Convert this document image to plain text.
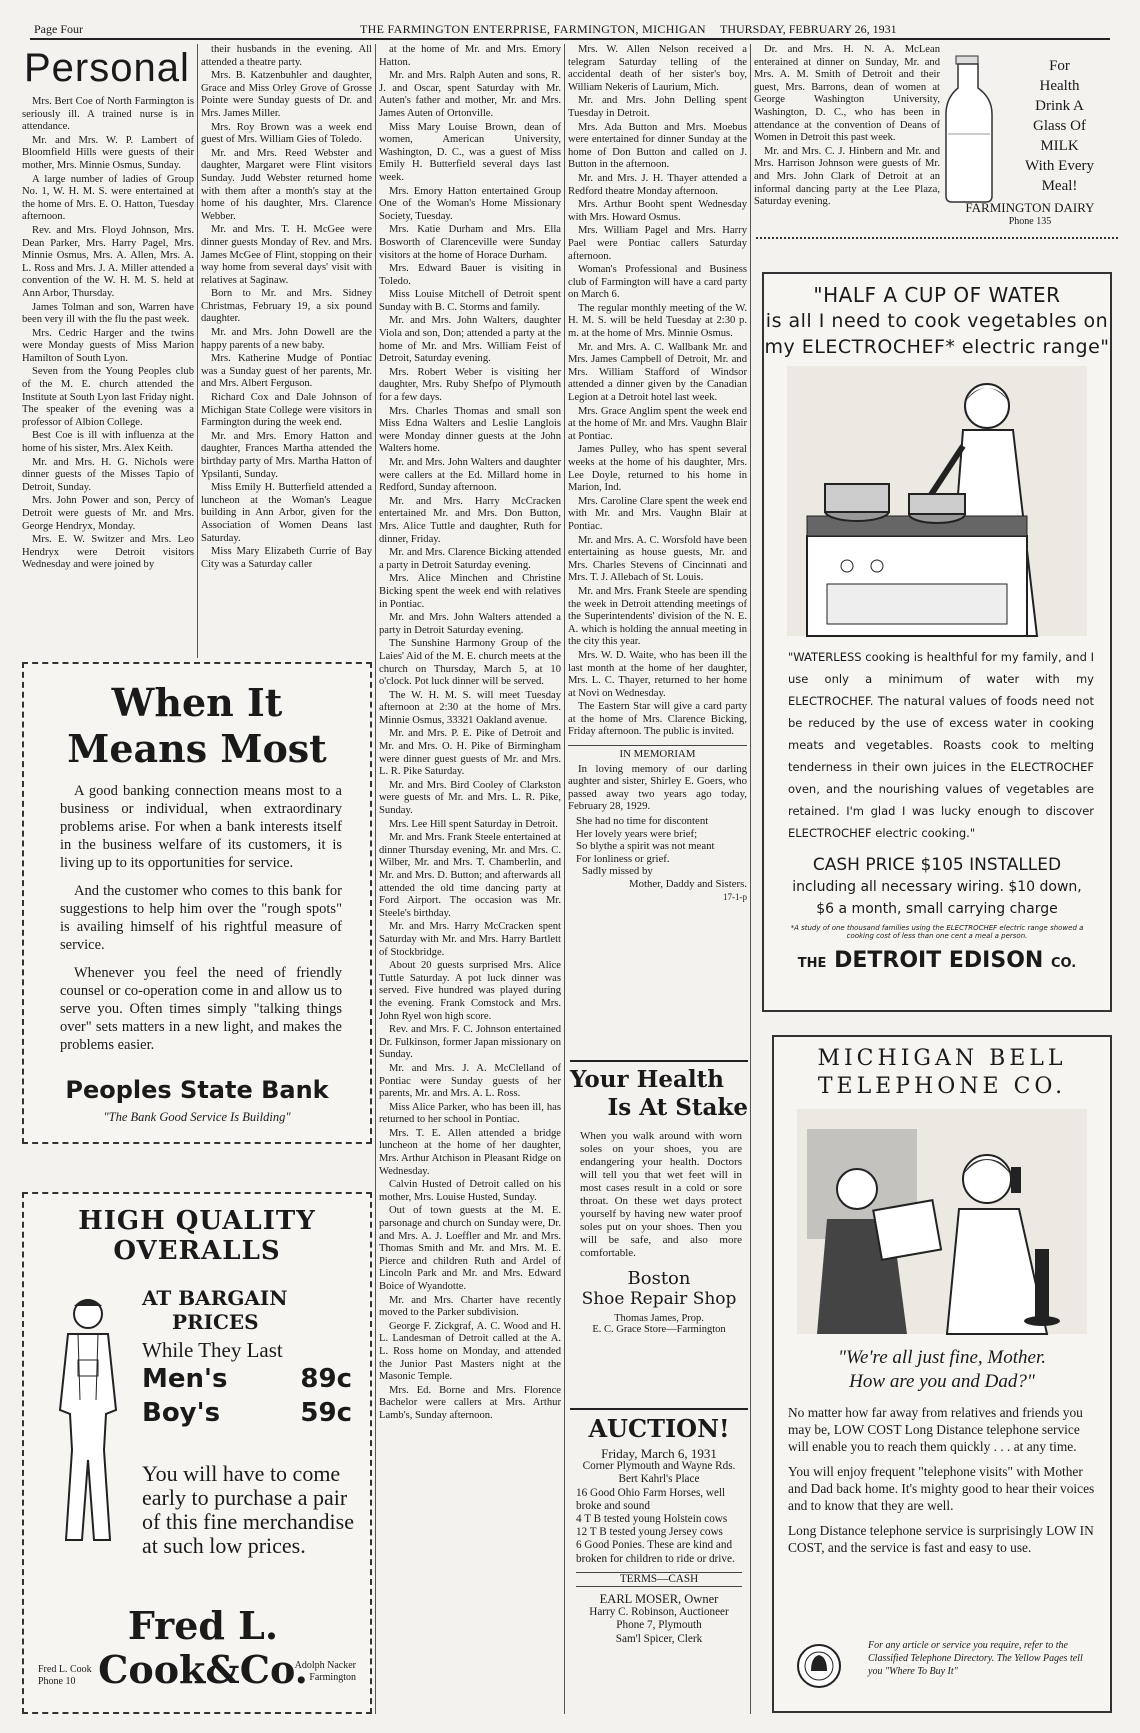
Page Four	THE FARMINGTON ENTERPRISE, FARMINGTON, MICHIGAN THURSDAY, FEBRUARY 26, 1931
Personal

Mrs. Bert Coe of North Farmington is seriously ill. A trained nurse is in attendance.

Mr. and Mrs. W. P. Lambert of Bloomfield Hills were guests of their mother, Mrs. Minnie Osmus, Sunday.

A large number of ladies of Group No. 1, W. H. M. S. were entertained at the home of Mrs. E. O. Hatton, Tuesday afternoon.

Rev. and Mrs. Floyd Johnson, Mrs. Dean Parker, Mrs. Harry Pagel, Mrs. Minnie Osmus, Mrs. A. Allen, Mrs. A. L. Ross and Mrs. J. A. Miller attended a convention of the W. H. M. S. held at Ann Arbor, Thursday.

James Tolman and son, Warren have been very ill with the flu the past week.

Mrs. Cedric Harger and the twins were Monday guests of Miss Marion Hamilton of South Lyon.

Seven from the Young Peoples club of the M. E. church attended the Institute at South Lyon last Friday night. The speaker of the evening was a professor of Albion College.

Best Coe is ill with influenza at the home of his sister, Mrs. Alex Keith.

Mr. and Mrs. H. G. Nichols were dinner guests of the Misses Tapio of Detroit, Sunday.

Mrs. John Power and son, Percy of Detroit were guests of Mr. and Mrs. George Hendryx, Monday.

Mrs. E. W. Switzer and Mrs. Leo Hendryx were Detroit visitors Wednesday and were joined by

their husbands in the evening. All attended a theatre party.

Mrs. B. Katzenbuhler and daughter, Grace and Miss Orley Grove of Grosse Pointe were Sunday guests of Dr. and Mrs. James Miller.

Mrs. Roy Brown was a week end guest of Mrs. William Gies of Toledo.

Mr. and Mrs. Reed Webster and daughter, Margaret were Flint visitors Sunday. Judd Webster returned home with them after a month's stay at the home of his daughter, Mrs. Clarence Webber.

Mr. and Mrs. T. H. McGee were dinner guests Monday of Rev. and Mrs. James McGee of Flint, stopping on their way home from several days' visit with relatives at Saginaw.

Born to Mr. and Mrs. Sidney Christmas, February 19, a six pound daughter.

Mr. and Mrs. John Dowell are the happy parents of a new baby.

Mrs. Katherine Mudge of Pontiac was a Sunday guest of her parents, Mr. and Mrs. Albert Ferguson.

Richard Cox and Dale Johnson of Michigan State College were visitors in Farmington during the week end.

Mr. and Mrs. Emory Hatton and daughter, Frances Martha attended the birthday party of Mrs. Martha Hatton of Ypsilanti, Sunday.

Miss Emily H. Butterfield attended a luncheon at the Woman's League building in Ann Arbor, given for the Association of Women Deans last Saturday.

Miss Mary Elizabeth Currie of Bay City was a Saturday caller

at the home of Mr. and Mrs. Emory Hatton.

Mr. and Mrs. Ralph Auten and sons, R. J. and Oscar, spent Saturday with Mr. Auten's father and mother, Mr. and Mrs. James Auten of Ortonville.

Miss Mary Louise Brown, dean of women, American University, Washington, D. C., was a guest of Miss Emily H. Butterfield several days last week.

Mrs. Emory Hatton entertained Group One of the Woman's Home Missionary Society, Tuesday.

Mrs. Katie Durham and Mrs. Ella Bosworth of Clarenceville were Sunday visitors at the home of Horace Durham.

Mrs. Edward Bauer is visiting in Toledo.

Miss Louise Mitchell of Detroit spent Sunday with B. C. Storms and family.

Mr. and Mrs. John Walters, daughter Viola and son, Don; attended a party at the home of Mr. and Mrs. William Feist of Detroit, Saturday evening.

Mrs. Robert Weber is visiting her daughter, Mrs. Ruby Shefpo of Plymouth for a few days.

Mrs. Charles Thomas and small son Miss Edna Walters and Leslie Langlois were Monday dinner guests at the John Walters home.

Mr. and Mrs. John Walters and daughter were callers at the Ed. Millard home in Redford, Sunday afternoon.

Mr. and Mrs. Harry McCracken entertained Mr. and Mrs. Don Button, Mrs. Alice Tuttle and daughter, Ruth for dinner, Friday.

Mr. and Mrs. Clarence Bicking attended a party in Detroit Saturday evening.

Mrs. Alice Minchen and Christine Bicking spent the week end with relatives in Pontiac.

Mr. and Mrs. John Walters attended a party in Detroit Saturday evening.

The Sunshine Harmony Group of the Laies' Aid of the M. E. church meets at the church on Thursday, March 5, at 10 o'clock. Pot luck dinner will be served.

The W. H. M. S. will meet Tuesday afternoon at 2:30 at the home of Mrs. Minnie Osmus, 33321 Oakland avenue.

Mr. and Mrs. P. E. Pike of Detroit and Mr. and Mrs. O. H. Pike of Birmingham were dinner guest guests of Mr. and Mrs. L. R. Pike Saturday.

Mr. and Mrs. Bird Cooley of Clarkston were guests of Mr. and Mrs. L. R. Pike, Sunday.

Mrs. Lee Hill spent Saturday in Detroit.

Mr. and Mrs. Frank Steele entertained at dinner Thursday evening, Mr. and Mrs. C. Wilber, Mr. and Mrs. T. Chamberlin, and Mr. and Mrs. D. Button; and afterwards all attended the old time dancing party at Ford Airport. The occasion was Mr. Steele's birthday.

Mr. and Mrs. Harry McCracken spent Saturday with Mr. and Mrs. Harry Bartlett of Stockbridge.

About 20 guests surprised Mrs. Alice Tuttle Saturday. A pot luck dinner was served. Five hundred was played during the evening. Frank Comstock and Mrs. John Ryel won high score.

Rev. and Mrs. F. C. Johnson entertained Dr. Fulkinson, former Japan missionary on Sunday.

Mr. and Mrs. J. A. McClelland of Pontiac were Sunday guests of her parents, Mr. and Mrs. A. L. Ross.

Miss Alice Parker, who has been ill, has returned to her school in Pontiac.

Mrs. T. E. Allen attended a bridge luncheon at the home of her daughter, Mrs. Arthur Atchison in Pleasant Ridge on Wednesday.

Calvin Husted of Detroit called on his mother, Mrs. Louise Husted, Sunday.

Out of town guests at the M. E. parsonage and church on Sunday were, Dr. and Mrs. A. J. Loeffler and Mr. and Mrs. Thomas Smith and Mr. and Mrs. M. E. Pierce and children Ruth and Ardel of Lincoln Park and Mr. and Mrs. Edward Boice of Wyandotte.

Mr. and Mrs. Charter have recently moved to the Parker subdivision.

George F. Zickgraf, A. C. Wood and H. L. Landesman of Detroit called at the A. L. Ross home on Monday, and attended the Junior Past Masters night at the Masonic Temple.

Mrs. Ed. Borne and Mrs. Florence Bachelor were callers at Mrs. Arthur Lamb's, Sunday afternoon.

Mrs. W. Allen Nelson received a telegram Saturday telling of the accidental death of her sister's boy, William Nekeris of Laurium, Mich.

Mr. and Mrs. John Delling spent Tuesday in Detroit.

Mrs. Ada Button and Mrs. Moebus were entertained for dinner Sunday at the home of Don Button and called on J. Button in the afternoon.

Mr. and Mrs. J. H. Thayer attended a Redford theatre Monday afternoon.

Mrs. Arthur Booht spent Wednesday with Mrs. Howard Osmus.

Mrs. William Pagel and Mrs. Harry Pael were Pontiac callers Saturday afternoon.

Woman's Professional and Business club of Farmington will have a card party on March 6.

The regular monthly meeting of the W. H. M. S. will be held Tuesday at 2:30 p. m. at the home of Mrs. Minnie Osmus.

Mr. and Mrs. A. C. Wallbank Mr. and Mrs. James Campbell of Detroit, Mr. and Mrs. William Stafford of Windsor attended a dinner given by the Canadian Legion at a Detroit hotel last week.

Mrs. Grace Anglim spent the week end at the home of Mr. and Mrs. Vaughn Blair at Pontiac.

James Pulley, who has spent several weeks at the home of his daughter, Mrs. Lee Doyle, returned to his home in Marion, Ind.

Mrs. Caroline Clare spent the week end with Mr. and Mrs. Vaughn Blair at Pontiac.

Mr. and Mrs. A. C. Worsfold have been entertaining as house guests, Mr. and Mrs. Charles Stevens of Cincinnati and Mrs. T. J. Allebach of St. Louis.

Mr. and Mrs. Frank Steele are spending the week in Detroit attending meetings of the Superintendents' division of the N. E. A. which is holding the annual meeting in the city this year.

Mrs. W. D. Waite, who has been ill the last month at the home of her daughter, Mrs. L. C. Thayer, returned to her home at Novi on Wednesday.

The Eastern Star will give a card party at the home of Mrs. Clarence Bicking, Friday afternoon. The public is invited.

IN MEMORIAM

In loving memory of our darling aughter and sister, Shirley E. Goers, who passed away two years ago today, February 28, 1929.

She had no time for discontent
Her lovely years were brief;
So blythe a spirit was not meant
For lonliness or grief.
Sadly missed by
Mother, Daddy and Sisters.
17-1-p

Dr. and Mrs. H. N. A. McLean enterained at dinner on Sunday, Mr. and Mrs. A. M. Smith of Detroit and their guest, Mrs. Barrons, dean of women at George Washington University, Washington, D. C., who has been in attendance at the convention of Deans of Women in Detroit this past week.

Mr. and Mrs. C. J. Hinbern and Mr. and Mrs. Harrison Johnson were guests of Mr. and Mrs. John Clark of Detroit at an informal dancing party at the Lee Plaza, Saturday evening.

For
Health
Drink A
Glass Of
MILK
With Every
Meal!
FARMINGTON DAIRY
Phone 135
When It
Means Most

A good banking connection means most to a business or individual, when extraordinary problems arise. For when a bank interests itself in the business welfare of its customers, it is living up to its opportunities for service.

And the customer who comes to this bank for suggestions to help him over the "rough spots" is availing himself of his rightful measure of service.

Whenever you feel the need of friendly counsel or co-operation come in and allow us to serve you. Often times simply "talking things over" sets matters in a new light, and makes the problems easier.

Peoples State Bank
"The Bank Good Service Is Building"
HIGH QUALITY
OVERALLS
AT BARGAIN
PRICES
While They Last
Men's	89c
Boy's	59c
You will have to come early to purchase a pair of this fine merchandise at such low prices.
Fred L. Cook&Co.
Fred L. Cook
Phone 10
Adolph Nacker
Farmington
Your Health
Is At Stake

When you walk around with worn soles on your shoes, you are endangering your health. Doctors will tell you that wet feet will in most cases result in a cold or sore throat. On these wet days protect yourself by having new water proof soles put on your shoes. Then you will be safe, and also more comfortable.

Boston
Shoe Repair Shop
Thomas James, Prop.
E. C. Grace Store—Farmington
AUCTION!

Friday, March 6, 1931

Corner Plymouth and Wayne Rds.

Bert Kahrl's Place

16 Good Ohio Farm Horses, well broke and sound

4 T B tested young Holstein cows

12 T B tested young Jersey cows

6 Good Ponies. These are kind and broken for children to ride or drive.

TERMS—CASH

EARL MOSER, Owner

Harry C. Robinson, Auctioneer

Phone 7, Plymouth

Sam'l Spicer, Clerk

"HALF A CUP OF WATER
is all I need to cook vegetables on
my ELECTROCHEF* electric range"
"WATERLESS cooking is healthful for my family, and I use only a minimum of water with my ELECTROCHEF. The natural values of foods need not be reduced by the use of excess water in cooking meats and vegetables. Roasts cook to melting tenderness in their own juices in the ELECTROCHEF oven, and the nourishing values of vegetables are retained. I'm glad I was lucky enough to discover ELECTROCHEF electric cooking."
CASH PRICE $105 INSTALLED
including all necessary wiring. $10 down,
$6 a month, small carrying charge
*A study of one thousand families using the ELECTROCHEF electric range showed a cooking cost of less than one cent a meal a person.
THE DETROIT EDISON CO.
MICHIGAN BELL
TELEPHONE CO.
"We're all just fine, Mother.
How are you and Dad?"
No matter how far away from relatives and friends you may be, LOW COST Long Distance telephone service will enable you to reach them quickly . . . at any time.
You will enjoy frequent "telephone visits" with Mother and Dad back home. It's mighty good to hear their voices and to know that they are well.
Long Distance telephone service is surprisingly LOW IN COST, and the service is fast and easy to use.
For any article or service you require, refer to the Classified Telephone Directory. The Yellow Pages tell you "Where To Buy It"
